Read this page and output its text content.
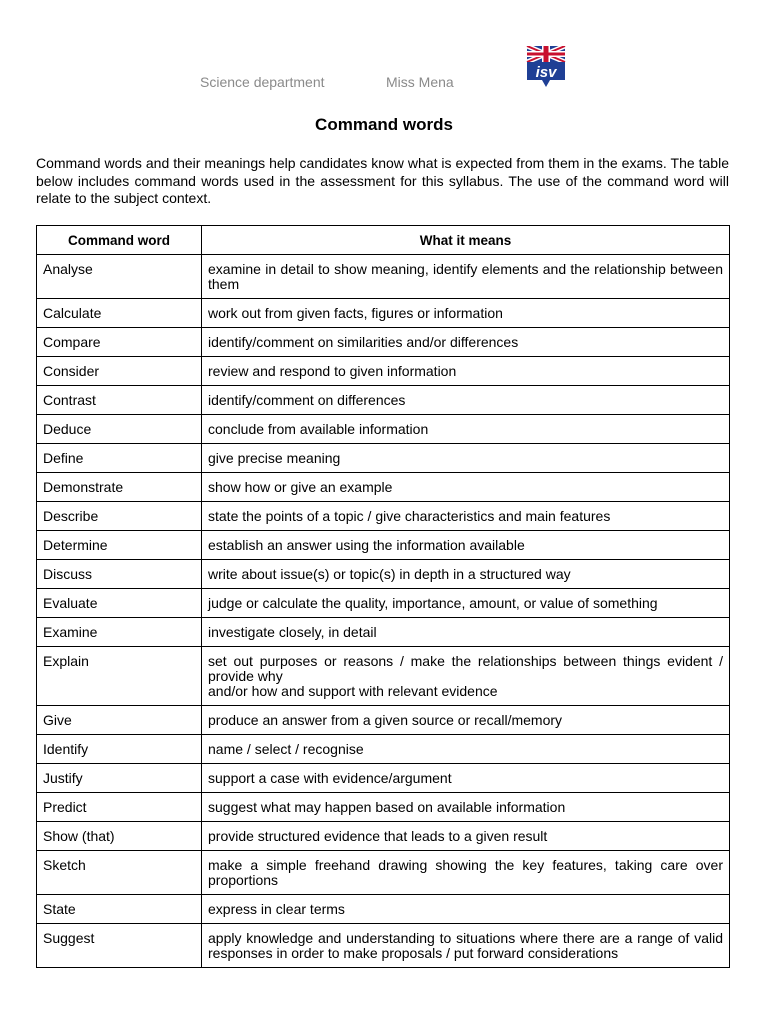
Science department	Miss Mena
isv
Command words
Command words and their meanings help candidates know what is expected from them in the exams. The table below includes command words used in the assessment for this syllabus. The use of the command word will relate to the subject context.
Command word	What it means
Analyse	examine in detail to show meaning, identify elements and the relationship between them
Calculate	work out from given facts, figures or information
Compare	identify/comment on similarities and/or differences
Consider	review and respond to given information
Contrast	identify/comment on differences
Deduce	conclude from available information
Define	give precise meaning
Demonstrate	show how or give an example
Describe	state the points of a topic / give characteristics and main features
Determine	establish an answer using the information available
Discuss	write about issue(s) or topic(s) in depth in a structured way
Evaluate	judge or calculate the quality, importance, amount, or value of something
Examine	investigate closely, in detail
Explain	set out purposes or reasons / make the relationships between things evident / provide why
and/or how and support with relevant evidence
Give	produce an answer from a given source or recall/memory
Identify	name / select / recognise
Justify	support a case with evidence/argument
Predict	suggest what may happen based on available information
Show (that)	provide structured evidence that leads to a given result
Sketch	make a simple freehand drawing showing the key features, taking care over proportions
State	express in clear terms
Suggest	apply knowledge and understanding to situations where there are a range of valid responses in order to make proposals / put forward considerations
